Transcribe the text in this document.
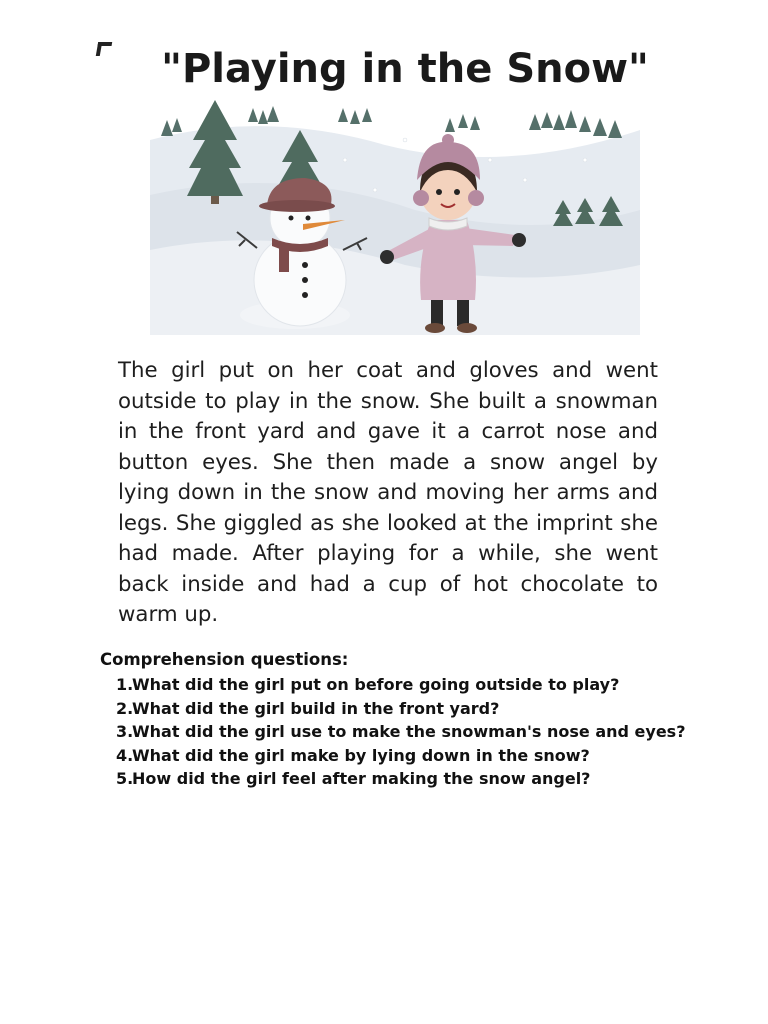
"Playing in the Snow"

The girl put on her coat and gloves and went outside to play in the snow. She built a snowman in the front yard and gave it a carrot nose and button eyes. She then made a snow angel by lying down in the snow and moving her arms and legs. She giggled as she looked at the imprint she had made. After playing for a while, she went back inside and had a cup of hot chocolate to warm up.

Comprehension questions:

1.
What did the girl put on before going outside to play?
2.
What did the girl build in the front yard?
3.
What did the girl use to make the snowman's nose and eyes?
4.
What did the girl make by lying down in the snow?
5.
How did the girl feel after making the snow angel?
